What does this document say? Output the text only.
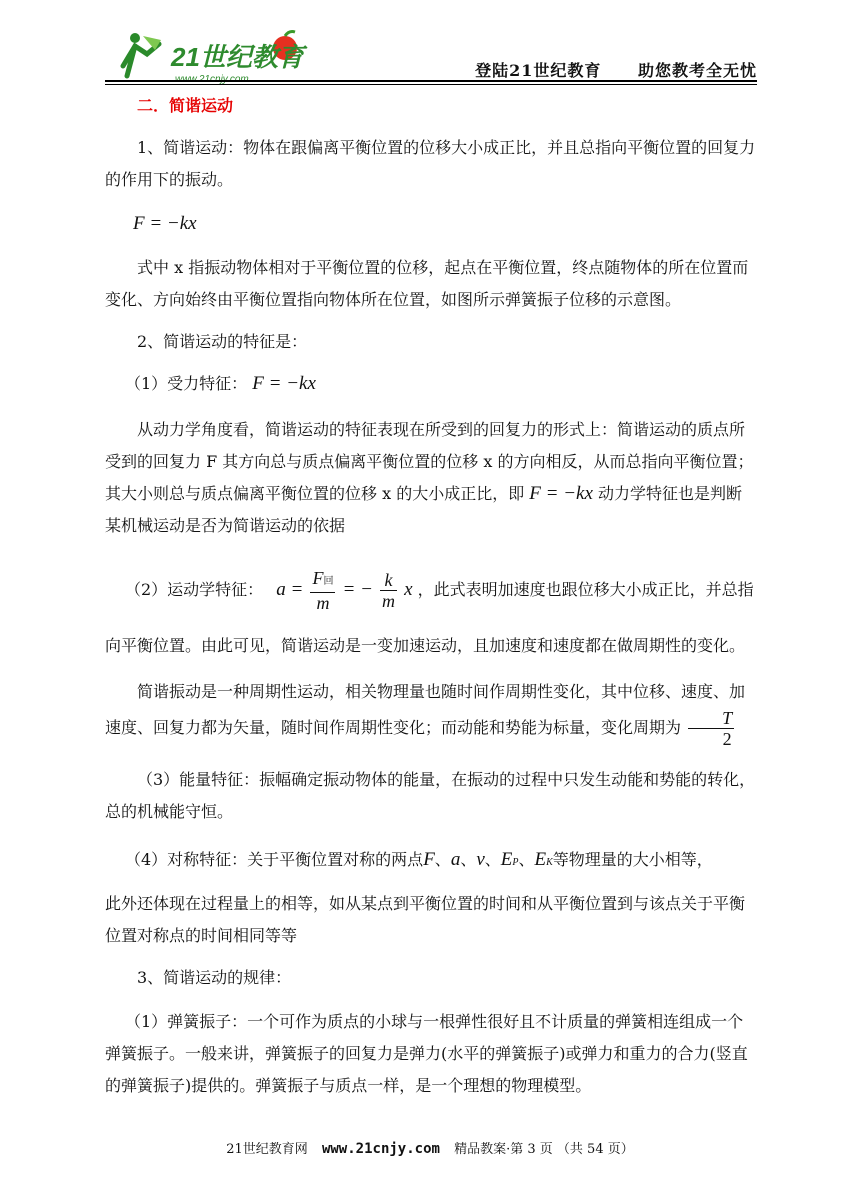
21世纪教育	登陆21世纪教育 助您教考全无忧
二．简谐运动
1、简谐运动：物体在跟偏离平衡位置的位移大小成正比，并且总指向平衡位置的回复力的作用下的振动。
F = −kx
式中 x 指振动物体相对于平衡位置的位移，起点在平衡位置，终点随物体的所在位置而变化、方向始终由平衡位置指向物体所在位置，如图所示弹簧振子位移的示意图。
2、简谐运动的特征是：
（1）受力特征： F = −kx
从动力学角度看，简谐运动的特征表现在所受到的回复力的形式上：简谐运动的质点所受到的回复力 F 其方向总与质点偏离平衡位置的位移 x 的方向相反，从而总指向平衡位置；其大小则总与质点偏离平衡位置的位移 x 的大小成正比，即 F = −kx 动力学特征也是判断某机械运动是否为简谐运动的依据
（2）运动学特征： $a = \frac{\text{F回}}{m}$ = − $\frac{k}{m}$ x ，此式表明加速度也跟位移大小成正比，并总指
向平衡位置。由此可见，简谐运动是一变加速运动，且加速度和速度都在做周期性的变化。
简谐振动是一种周期性运动，相关物理量也随时间作周期性变化，其中位移、速度、加速度、回复力都为矢量，随时间作周期性变化；而动能和势能为标量，变化周期为 $\frac{T}{2}$
（3）能量特征：振幅确定振动物体的能量，在振动的过程中只发生动能和势能的转化，总的机械能守恒。
（4）对称特征：关于平衡位置对称的两点F、a、v、EP、EK等物理量的大小相等，
此外还体现在过程量上的相等，如从某点到平衡位置的时间和从平衡位置到与该点关于平衡位置对称点的时间相同等等
3、简谐运动的规律：
（1）弹簧振子：一个可作为质点的小球与一根弹性很好且不计质量的弹簧相连组成一个弹簧振子。一般来讲，弹簧振子的回复力是弹力(水平的弹簧振子)或弹力和重力的合力(竖直的弹簧振子)提供的。弹簧振子与质点一样，是一个理想的物理模型。
21世纪教育网 www.21cnjy.com 精品教案·第 3 页 （共 54 页）
